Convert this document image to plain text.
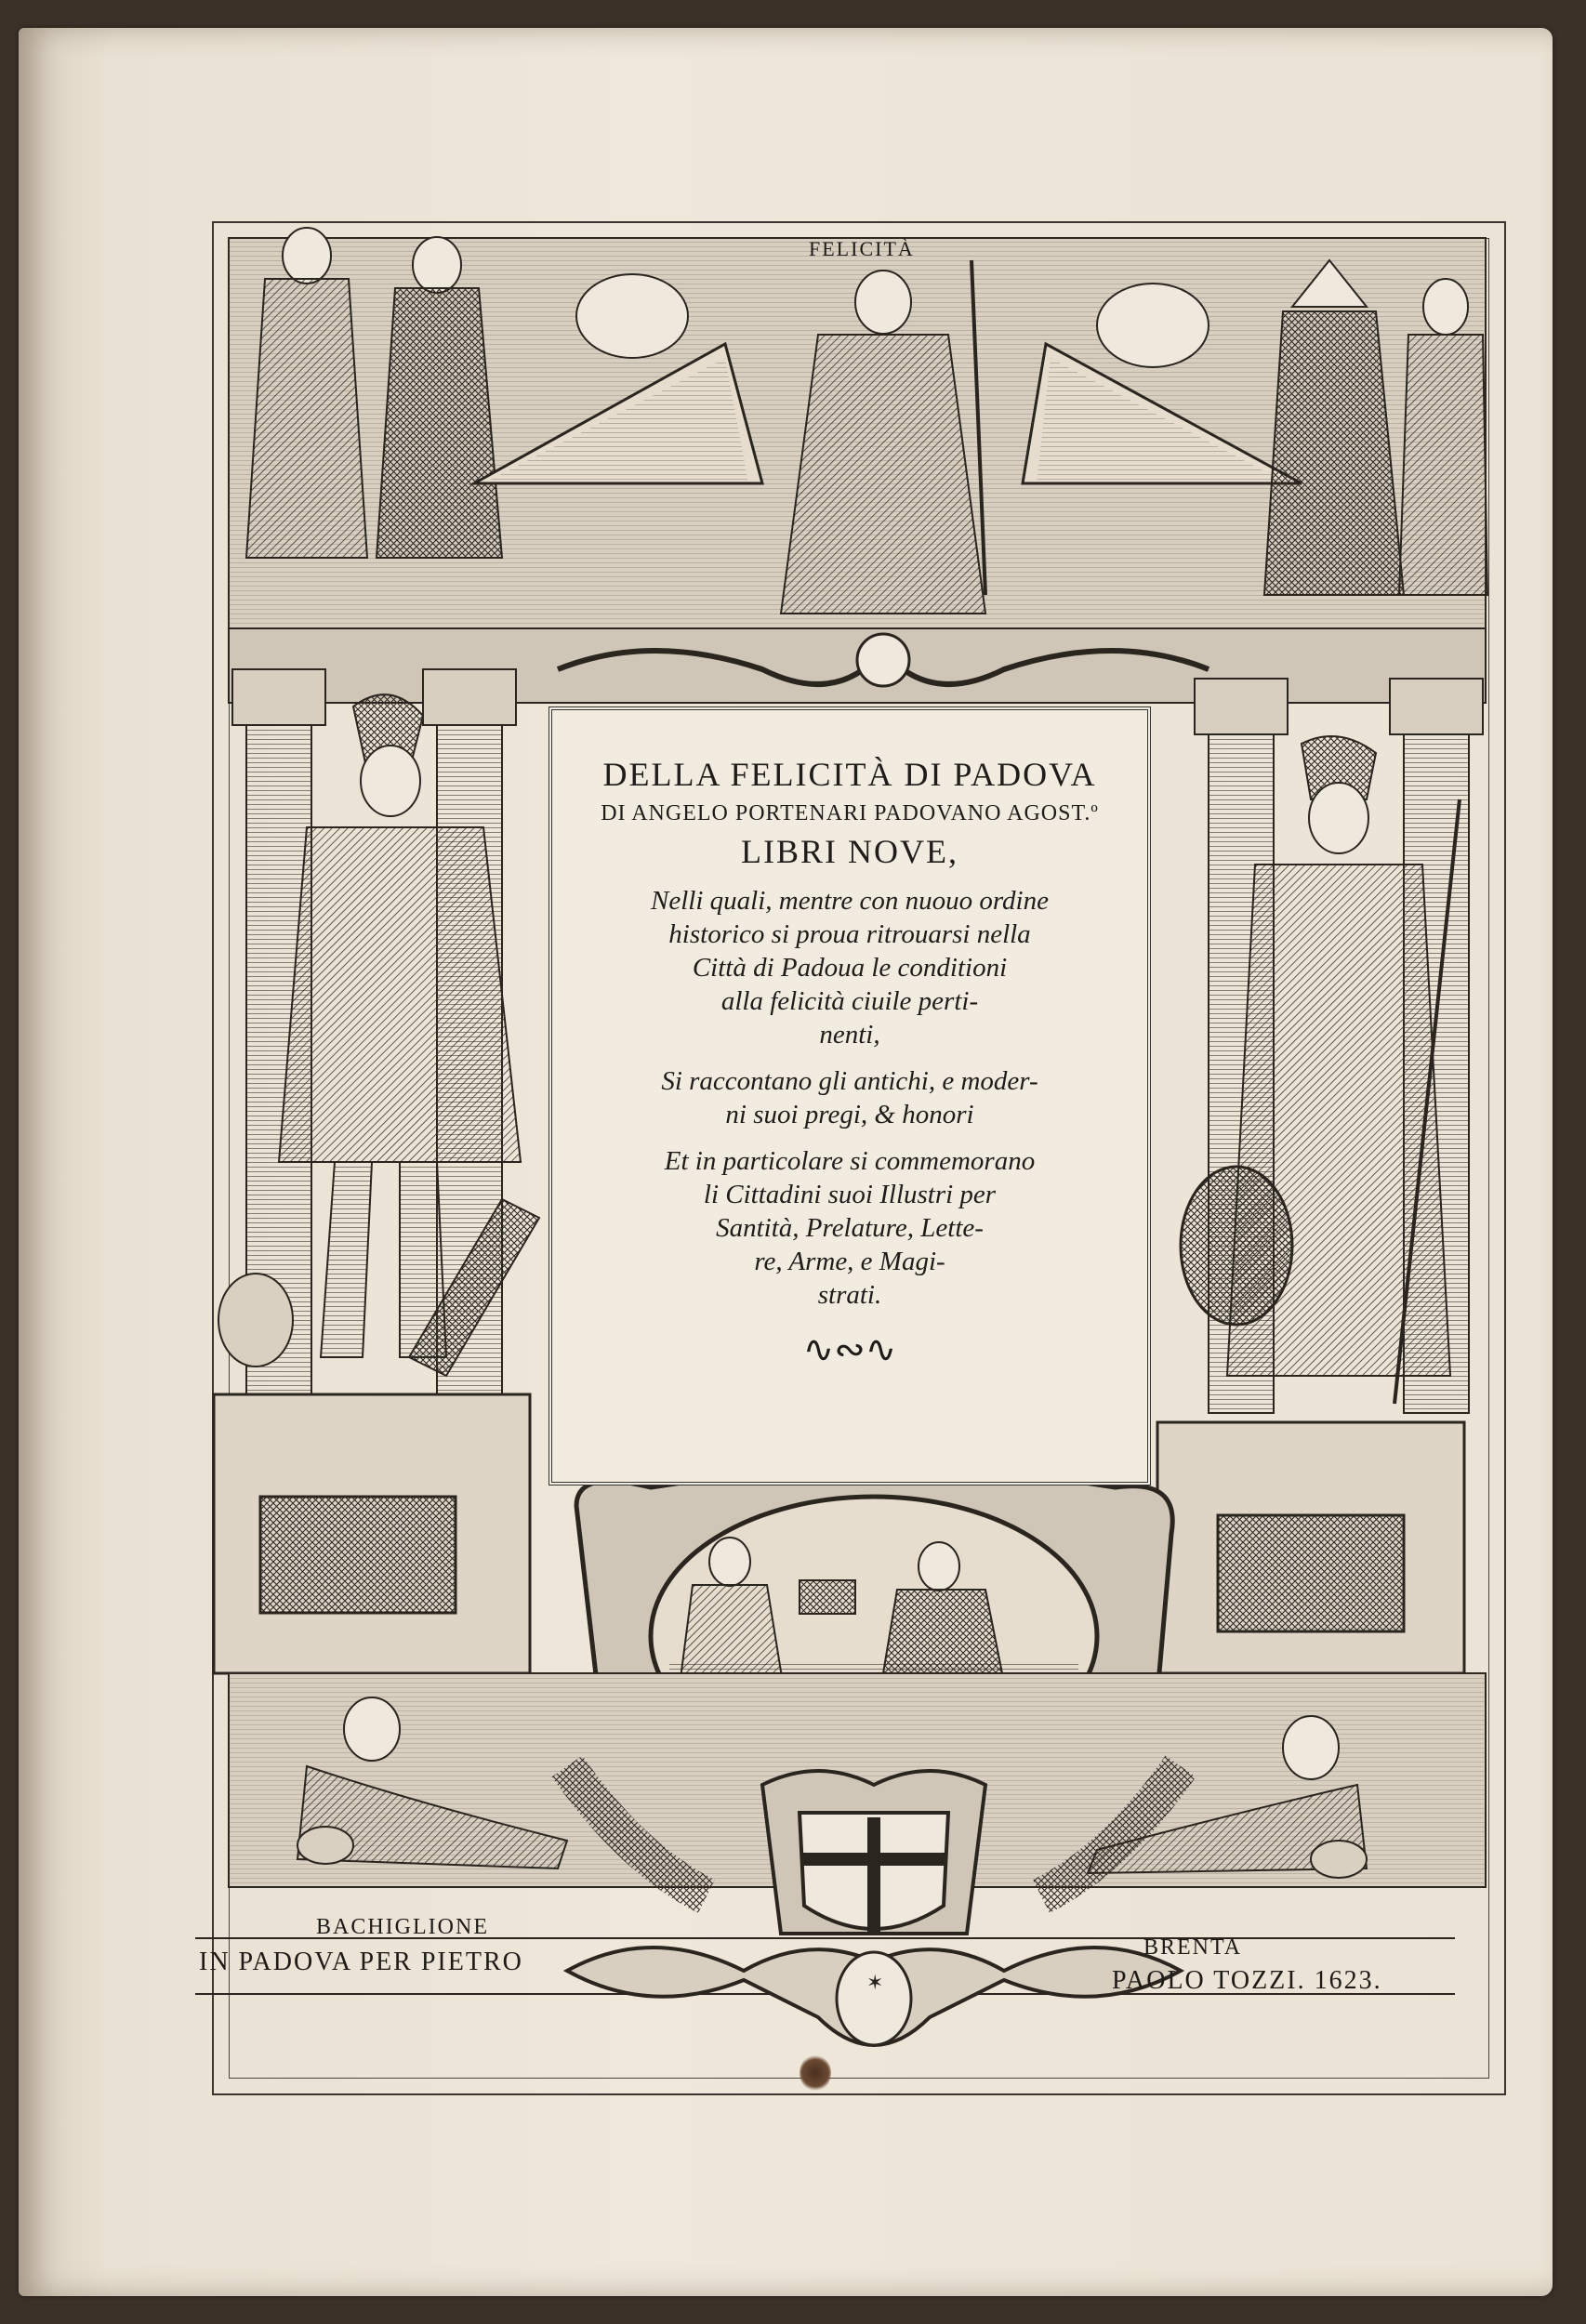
✶
FELICITÀ
DELLA FELICITÀ DI PADOVA
DI ANGELO PORTENARI PADOVANO AGOST.º
LIBRI NOVE,

Nelli quali, mentre con nuouo ordine

historico si proua ritrouarsi nella

Città di Padoua le conditioni

alla felicità ciuile perti-

nenti,

Si raccontano gli antichi, e moder-

ni suoi pregi, & honori

Et in particolare si commemorano

li Cittadini suoi Illustri per

Santità, Prelature, Lette-

re, Arme, e Magi-

strati.

∿∾∿
BACHIGLIONE
BRENTA
IN PADOVA PER PIETRO
PAOLO TOZZI. 1623.
